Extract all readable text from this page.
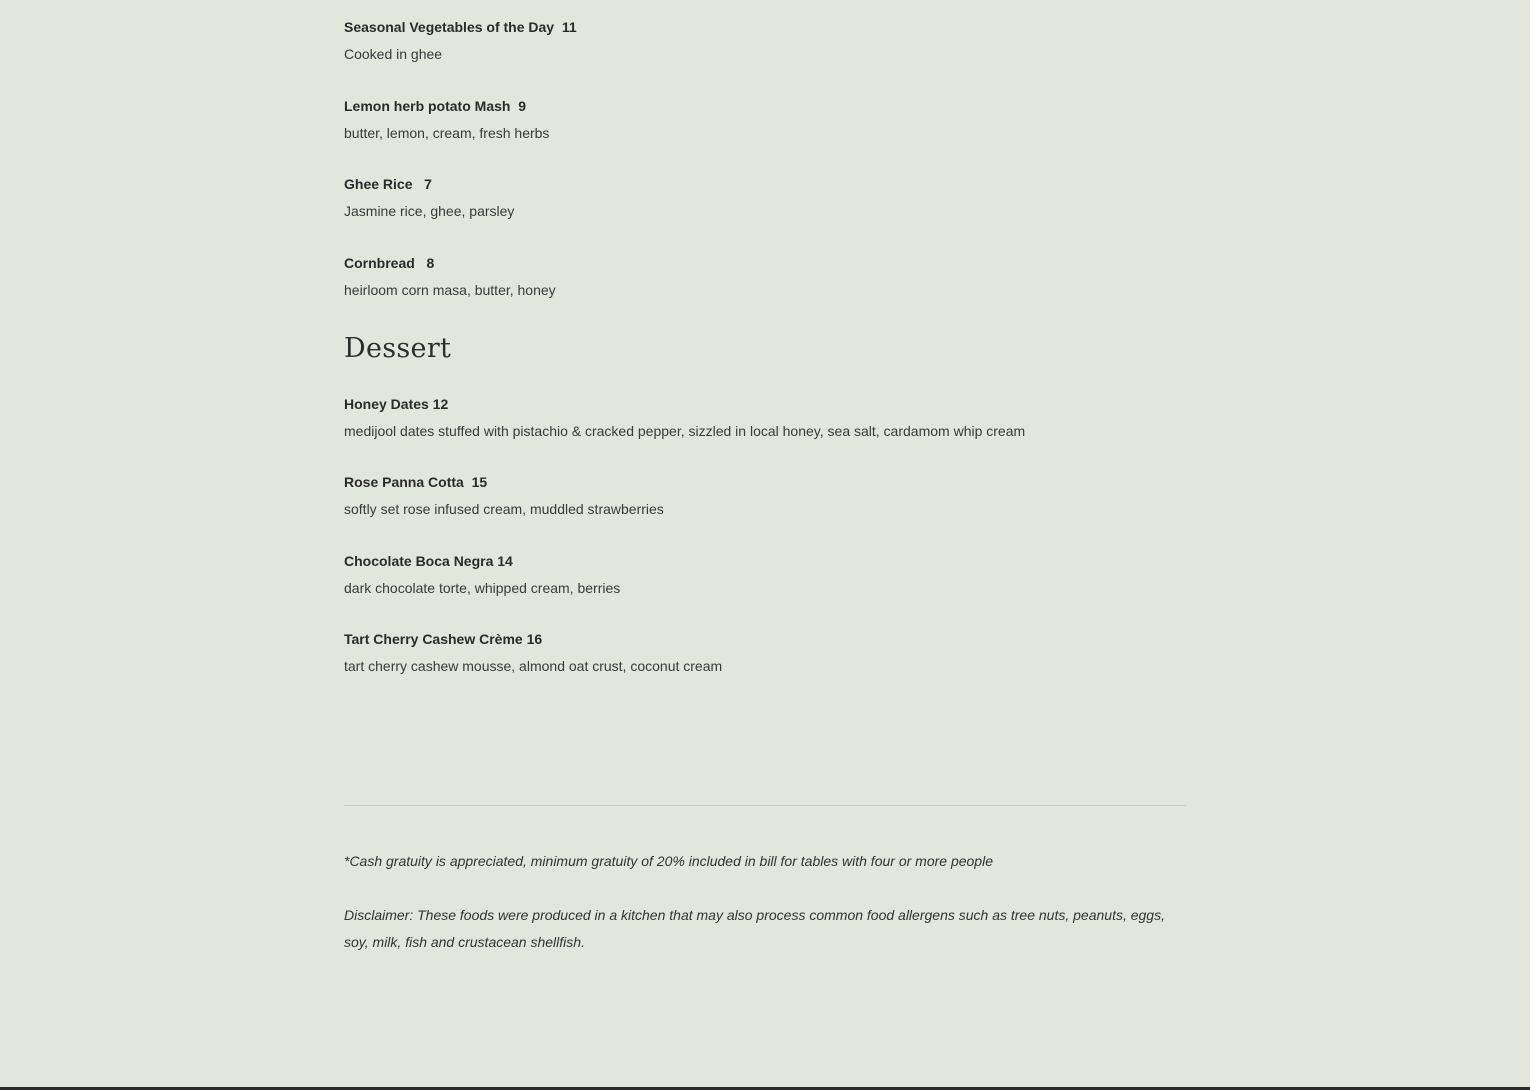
Seasonal Vegetables of the Day  11
Cooked in ghee
Lemon herb potato Mash  9
butter, lemon, cream, fresh herbs
Ghee Rice   7
Jasmine rice, ghee, parsley
Cornbread   8
heirloom corn masa, butter, honey
Dessert
Honey Dates 12
medijool dates stuffed with pistachio & cracked pepper, sizzled in local honey, sea salt, cardamom whip cream
Rose Panna Cotta  15
softly set rose infused cream, muddled strawberries
Chocolate Boca Negra 14
dark chocolate torte, whipped cream, berries
Tart Cherry Cashew Crème 16
tart cherry cashew mousse, almond oat crust, coconut cream
*Cash gratuity is appreciated, minimum gratuity of 20% included in bill for tables with four or more people
Disclaimer: These foods were produced in a kitchen that may also process common food allergens such as tree nuts, peanuts, eggs, soy, milk, fish and crustacean shellfish.
